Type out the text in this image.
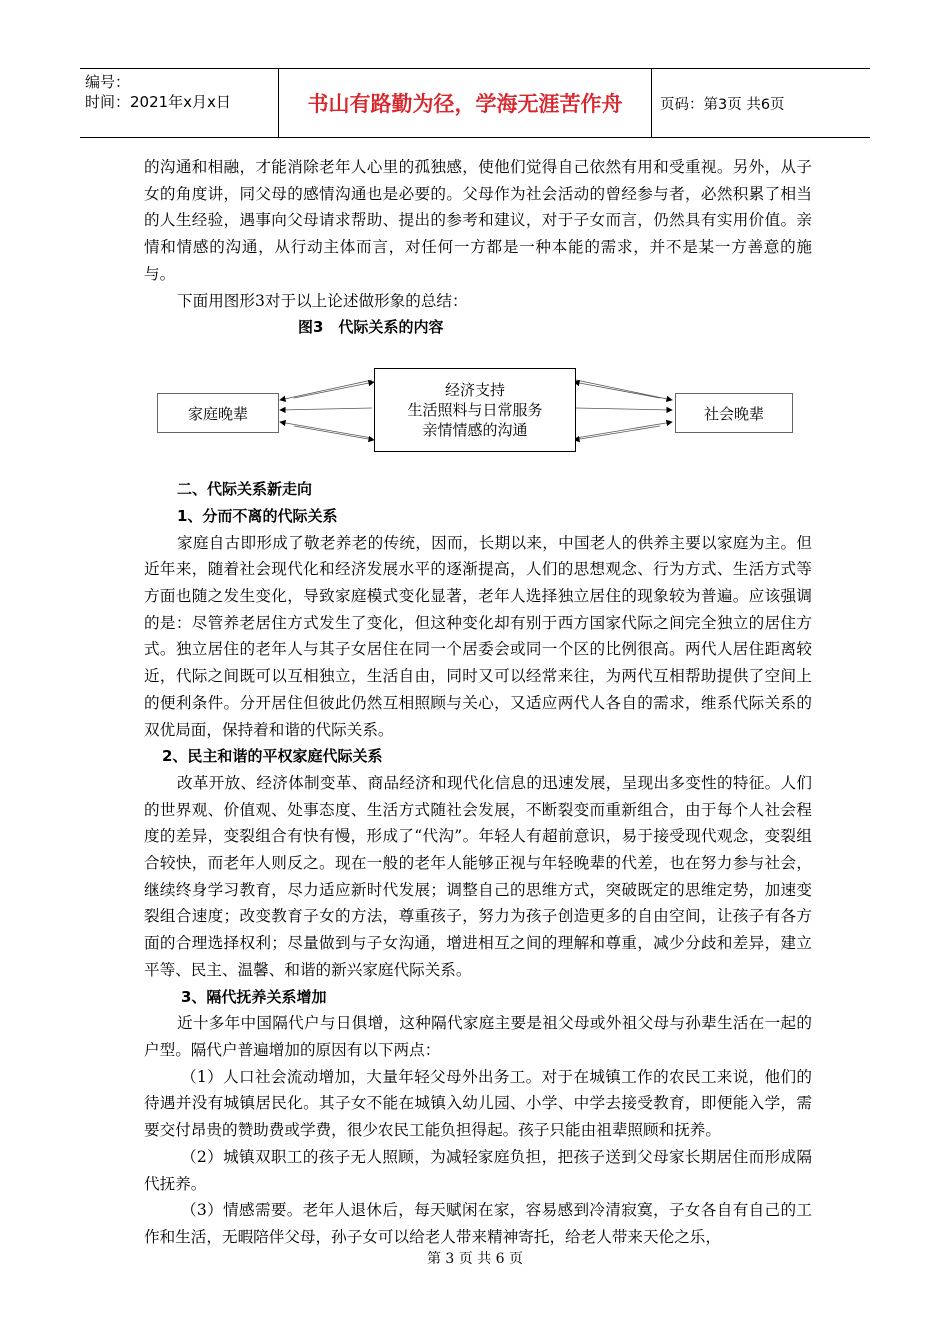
编号：
时间：2021年x月x日	书山有路勤为径，学海无涯苦作舟	页码：第3页 共6页

的沟通和相融，才能消除老年人心里的孤独感，使他们觉得自己依然有用和受重视。另外，从子女的角度讲，同父母的感情沟通也是必要的。父母作为社会活动的曾经参与者，必然积累了相当的人生经验，遇事向父母请求帮助、提出的参考和建议，对于子女而言，仍然具有实用价值。亲情和情感的沟通，从行动主体而言，对任何一方都是一种本能的需求，并不是某一方善意的施与。

下面用图形3对于以上论述做形象的总结：

图3　代际关系的内容

二、代际关系新走向

1、分而不离的代际关系

家庭自古即形成了敬老养老的传统，因而，长期以来，中国老人的供养主要以家庭为主。但近年来，随着社会现代化和经济发展水平的逐渐提高，人们的思想观念、行为方式、生活方式等方面也随之发生变化，导致家庭模式变化显著，老年人选择独立居住的现象较为普遍。应该强调的是：尽管养老居住方式发生了变化，但这种变化却有别于西方国家代际之间完全独立的居住方式。独立居住的老年人与其子女居住在同一个居委会或同一个区的比例很高。两代人居住距离较近，代际之间既可以互相独立，生活自由，同时又可以经常来往，为两代互相帮助提供了空间上的便利条件。分开居住但彼此仍然互相照顾与关心，又适应两代人各自的需求，维系代际关系的双优局面，保持着和谐的代际关系。

2、民主和谐的平权家庭代际关系

改革开放、经济体制变革、商品经济和现代化信息的迅速发展，呈现出多变性的特征。人们的世界观、价值观、处事态度、生活方式随社会发展，不断裂变而重新组合，由于每个人社会程度的差异，变裂组合有快有慢，形成了“代沟”。年轻人有超前意识，易于接受现代观念，变裂组合较快，而老年人则反之。现在一般的老年人能够正视与年轻晚辈的代差，也在努力参与社会，继续终身学习教育，尽力适应新时代发展；调整自己的思维方式，突破既定的思维定势，加速变裂组合速度；改变教育子女的方法，尊重孩子，努力为孩子创造更多的自由空间，让孩子有各方面的合理选择权利；尽量做到与子女沟通，增进相互之间的理解和尊重，减少分歧和差异，建立平等、民主、温馨、和谐的新兴家庭代际关系。

3、隔代抚养关系增加

近十多年中国隔代户与日俱增，这种隔代家庭主要是祖父母或外祖父母与孙辈生活在一起的户型。隔代户普遍增加的原因有以下两点：

（1）人口社会流动增加，大量年轻父母外出务工。对于在城镇工作的农民工来说，他们的待遇并没有城镇居民化。其子女不能在城镇入幼儿园、小学、中学去接受教育，即便能入学，需要交付昂贵的赞助费或学费，很少农民工能负担得起。孩子只能由祖辈照顾和抚养。

（2）城镇双职工的孩子无人照顾，为减轻家庭负担，把孩子送到父母家长期居住而形成隔代抚养。

（3）情感需要。老年人退休后，每天赋闲在家，容易感到冷清寂寞，子女各自有自己的工作和生活，无暇陪伴父母，孙子女可以给老人带来精神寄托，给老人带来天伦之乐，

家庭晚辈
经济支持
生活照料与日常服务
亲情情感的沟通
社会晚辈
第 3 页 共 6 页
